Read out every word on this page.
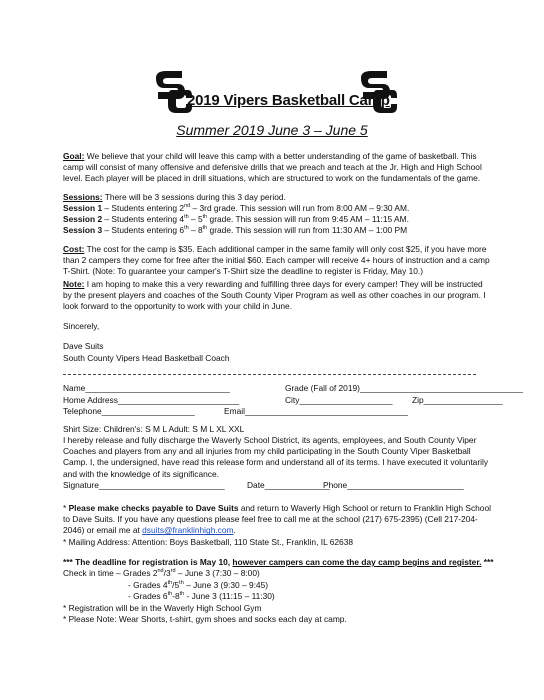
2019 Vipers Basketball Camp
Summer 2019 June 3 – June 5
Goal: We believe that your child will leave this camp with a better understanding of the game of basketball. This camp will consist of many offensive and defensive drills that we preach and teach at the Jr. High and High School level. Each player will be placed in drill situations, which are structured to work on the fundamentals of the game.
Sessions: There will be 3 sessions during this 3 day period.
Session 1 – Students entering 2nd – 3rd grade. This session will run from 8:00 AM – 9:30 AM.
Session 2 – Students entering 4th – 5th grade. This session will run from 9:45 AM – 11:15 AM.
Session 3 – Students entering 6th – 8th grade. This session will run from 11:30 AM – 1:00 PM
Cost: The cost for the camp is $35. Each additional camper in the same family will only cost $25, if you have more than 2 campers they come for free after the initial $60. Each camper will receive 4+ hours of instruction and a camp T-Shirt. (Note: To guarantee your camper's T-Shirt size the deadline to register is Friday, May 10.)
Note: I am hoping to make this a very rewarding and fulfilling three days for every camper! They will be instructed by the present players and coaches of the South County Viper Program as well as other coaches in our program. I look forward to the opportunity to work with your child in June.
Sincerely,
Dave Suits
South County Vipers Head Basketball Coach
Name_______________________________	Grade (Fall of 2019)___________________________________
Home Address__________________________	City____________________ Zip_________________
Telephone____________________	Email___________________________________
Shirt Size: Children's: S M L Adult: S M L XL XXL
I hereby release and fully discharge the Waverly School District, its agents, employees, and South County Viper Coaches and players from any and all injuries from my child participating in the South County Viper Basketball Camp. I, the undersigned, have read this release form and understand all of its terms. I have executed it voluntarily and with the knowledge of its significance.
Signature___________________________	Date______________
Phone_________________________
* Please make checks payable to Dave Suits and return to Waverly High School or return to Franklin High School to Dave Suits. If you have any questions please feel free to call me at the school (217) 675-2395) (Cell 217-204-2046) or email me at dsuits@franklinhigh.com.
* Mailing Address: Attention: Boys Basketball, 110 State St., Franklin, IL 62638
*** The deadline for registration is May 10, however campers can come the day camp begins and register. ***
Check in time – Grades 2nd/3rd – June 3 (7:30 – 8:00)
- Grades 4th/5th – June 3 (9:30 – 9:45)
- Grades 6th-8th - June 3 (11:15 – 11:30)
* Registration will be in the Waverly High School Gym
* Please Note: Wear Shorts, t-shirt, gym shoes and socks each day at camp.
